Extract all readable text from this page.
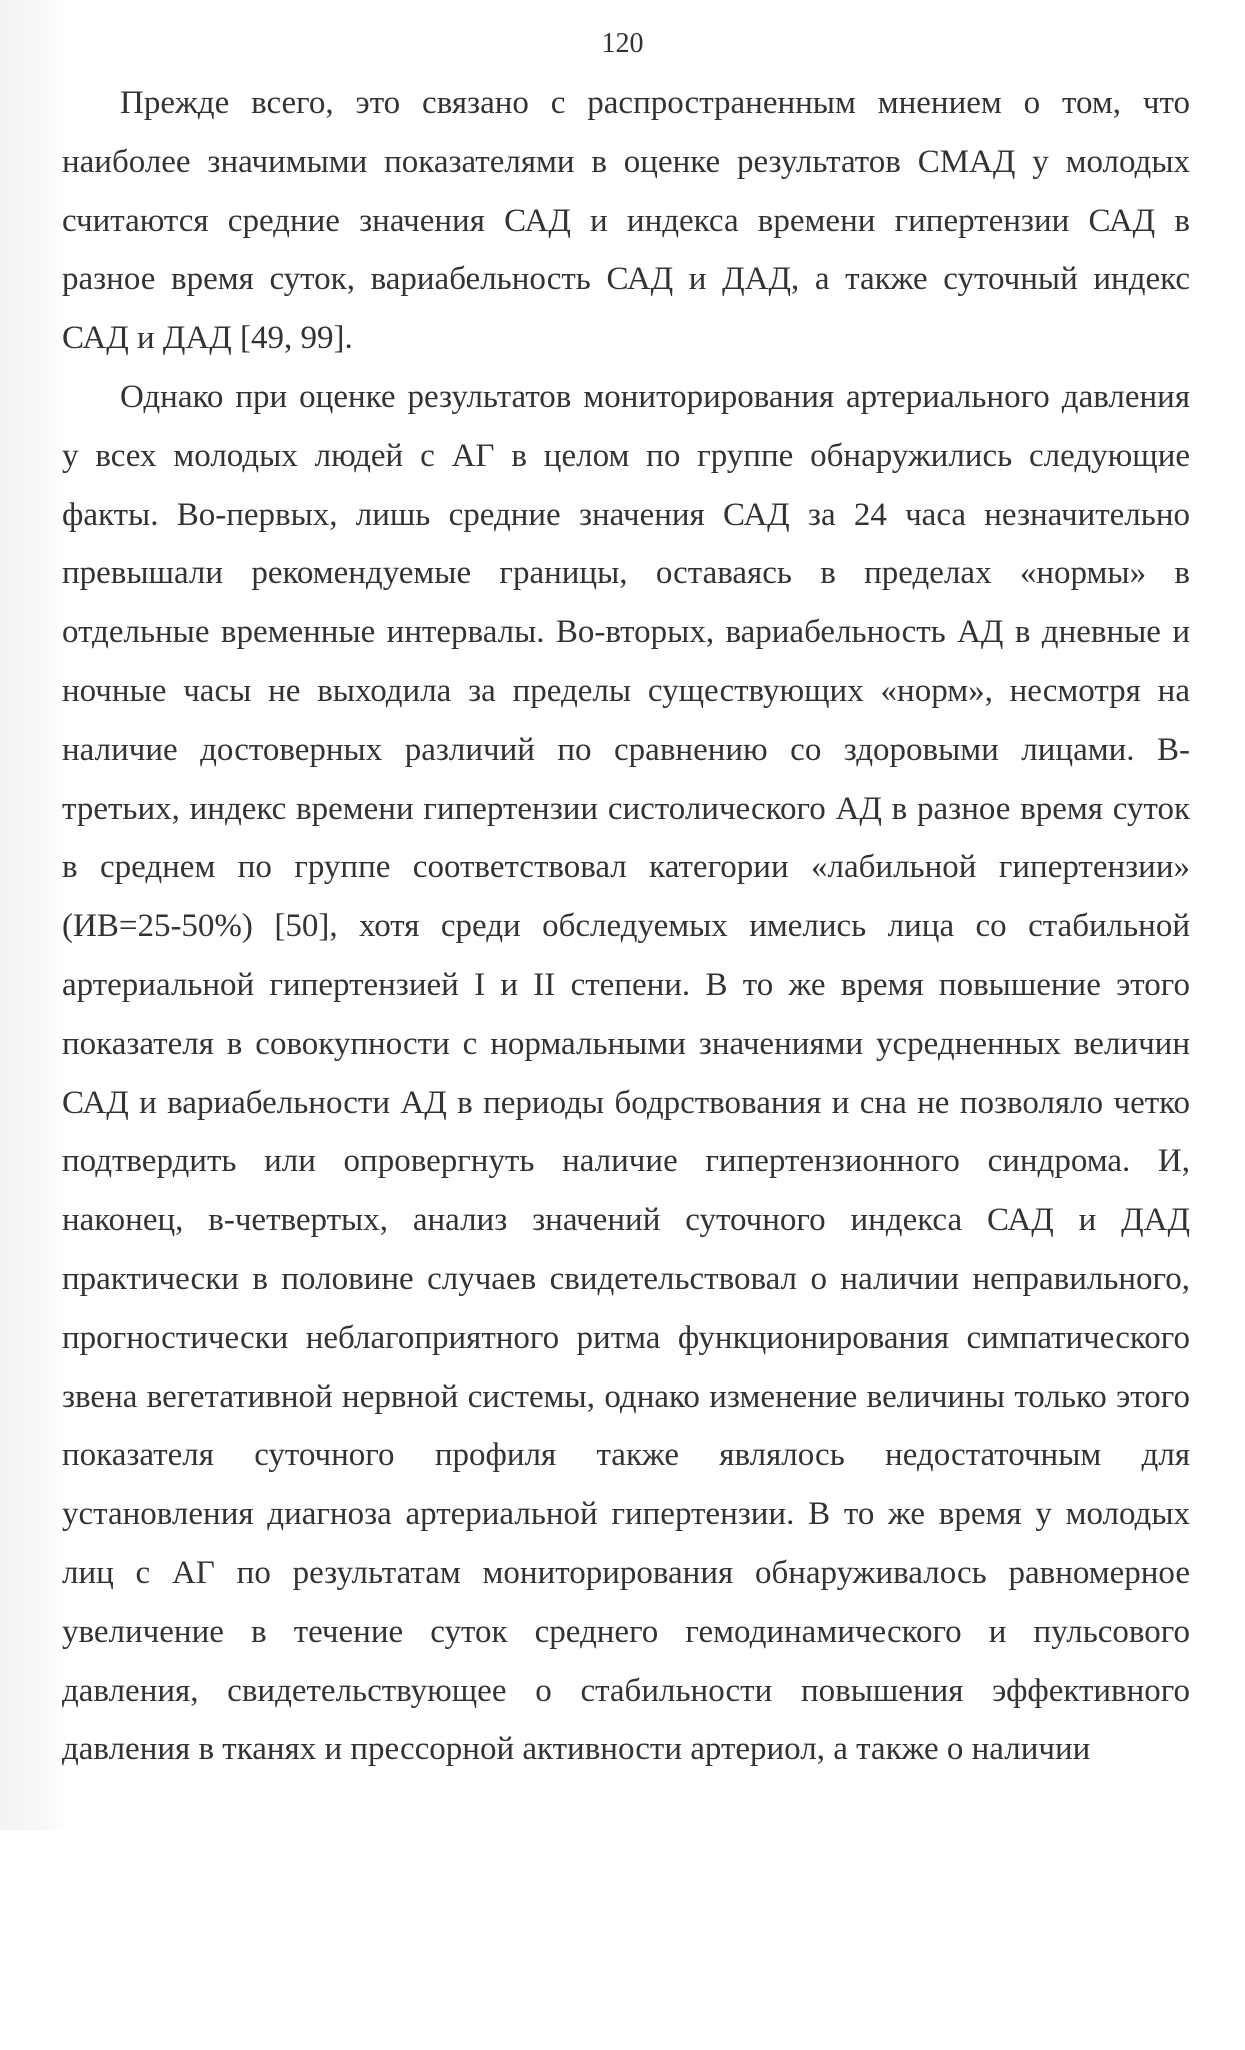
120

Прежде всего, это связано с распространенным мнением о том, что наиболее значимыми показателями в оценке результатов СМАД у молодых считаются средние значения САД и индекса времени гипертензии САД в разное время суток, вариабельность САД и ДАД, а также суточный индекс САД и ДАД [49, 99].

Однако при оценке результатов мониторирования артериального давления у всех молодых людей с АГ в целом по группе обнаружились следующие факты. Во-первых, лишь средние значения САД за 24 часа незначительно превышали рекомендуемые границы, оставаясь в пределах «нормы» в отдельные временные интервалы. Во-вторых, вариабельность АД в дневные и ночные часы не выходила за пределы существующих «норм», несмотря на наличие достоверных различий по сравнению со здоровыми лицами. В-третьих, индекс времени гипертензии систолического АД в разное время суток в среднем по группе соответствовал категории «лабильной гипертензии» (ИВ=25-50%) [50], хотя среди обследуемых имелись лица со стабильной артериальной гипертензией I и II степени. В то же время повышение этого показателя в совокупности с нормальными значениями усредненных величин САД и вариабельности АД в периоды бодрствования и сна не позволяло четко подтвердить или опровергнуть наличие гипертензионного синдрома. И, наконец, в-четвертых, анализ значений суточного индекса САД и ДАД практически в половине случаев свидетельствовал о наличии неправильного, прогностически неблагоприятного ритма функционирования симпатического звена вегетативной нервной системы, однако изменение величины только этого показателя суточного профиля также являлось недостаточным для установления диагноза артериальной гипертензии. В то же время у молодых лиц с АГ по результатам мониторирования обнаруживалось равномерное увеличение в течение суток среднего гемодинамического и пульсового давления, свидетельствующее о стабильности повышения эффективного давления в тканях и прессорной активности артериол, а также о наличии
